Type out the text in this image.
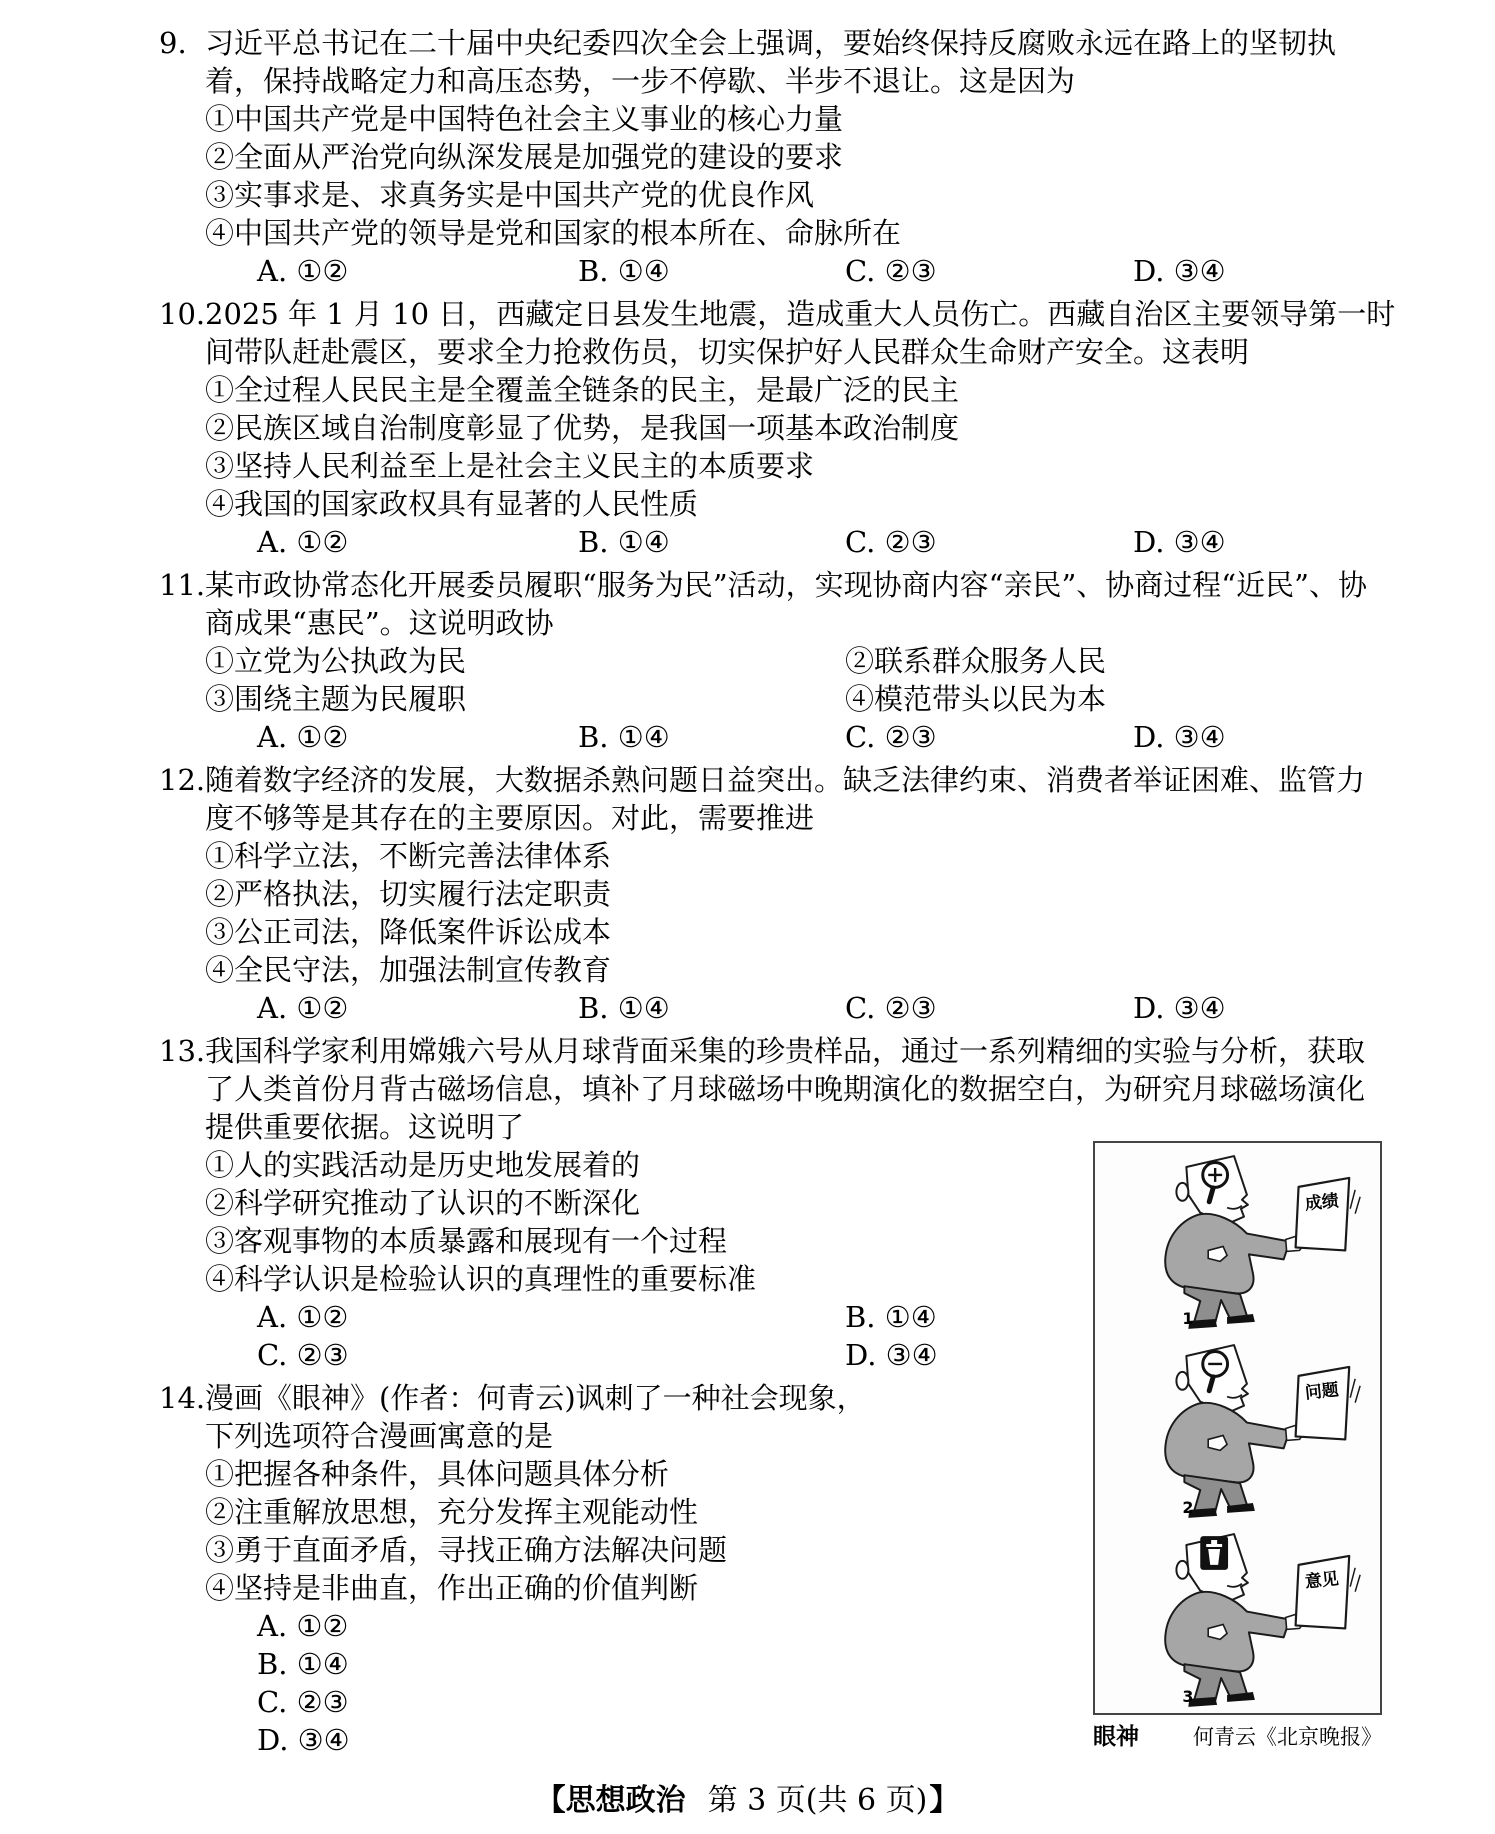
9. 习近平总书记在二十届中央纪委四次全会上强调，要始终保持反腐败永远在路上的坚韧执
着，保持战略定力和高压态势，一步不停歇、半步不退让。这是因为
①中国共产党是中国特色社会主义事业的核心力量
②全面从严治党向纵深发展是加强党的建设的要求
③实事求是、求真务实是中国共产党的优良作风
④中国共产党的领导是党和国家的根本所在、命脉所在
A. ①②	B. ①④	C. ②③	D. ③④
10. 2025 年 1 月 10 日，西藏定日县发生地震，造成重大人员伤亡。西藏自治区主要领导第一时
间带队赶赴震区，要求全力抢救伤员，切实保护好人民群众生命财产安全。这表明
①全过程人民民主是全覆盖全链条的民主，是最广泛的民主
②民族区域自治制度彰显了优势，是我国一项基本政治制度
③坚持人民利益至上是社会主义民主的本质要求
④我国的国家政权具有显著的人民性质
A. ①②	B. ①④	C. ②③	D. ③④
11. 某市政协常态化开展委员履职“服务为民”活动，实现协商内容“亲民”、协商过程“近民”、协
商成果“惠民”。这说明政协
①立党为公执政为民	②联系群众服务人民
③围绕主题为民履职	④模范带头以民为本
A. ①②	B. ①④	C. ②③	D. ③④
12. 随着数字经济的发展，大数据杀熟问题日益突出。缺乏法律约束、消费者举证困难、监管力
度不够等是其存在的主要原因。对此，需要推进
①科学立法，不断完善法律体系
②严格执法，切实履行法定职责
③公正司法，降低案件诉讼成本
④全民守法，加强法制宣传教育
A. ①②	B. ①④	C. ②③	D. ③④
13. 我国科学家利用嫦娥六号从月球背面采集的珍贵样品，通过一系列精细的实验与分析，获取
了人类首份月背古磁场信息，填补了月球磁场中晚期演化的数据空白，为研究月球磁场演化
提供重要依据。这说明了
①人的实践活动是历史地发展着的
②科学研究推动了认识的不断深化
③客观事物的本质暴露和展现有一个过程
④科学认识是检验认识的真理性的重要标准
A. ①②	B. ①④
C. ②③	D. ③④
14. 漫画《眼神》(作者：何青云)讽刺了一种社会现象，
下列选项符合漫画寓意的是
①把握各种条件，具体问题具体分析
②注重解放思想，充分发挥主观能动性
③勇于直面矛盾，寻找正确方法解决问题
④坚持是非曲直，作出正确的价值判断
A. ①②
B. ①④
C. ②③
D. ③④
成绩
1
问题
2
意见
3
眼神	何青云《北京晚报》
【思想政治 第 3 页(共 6 页)】
